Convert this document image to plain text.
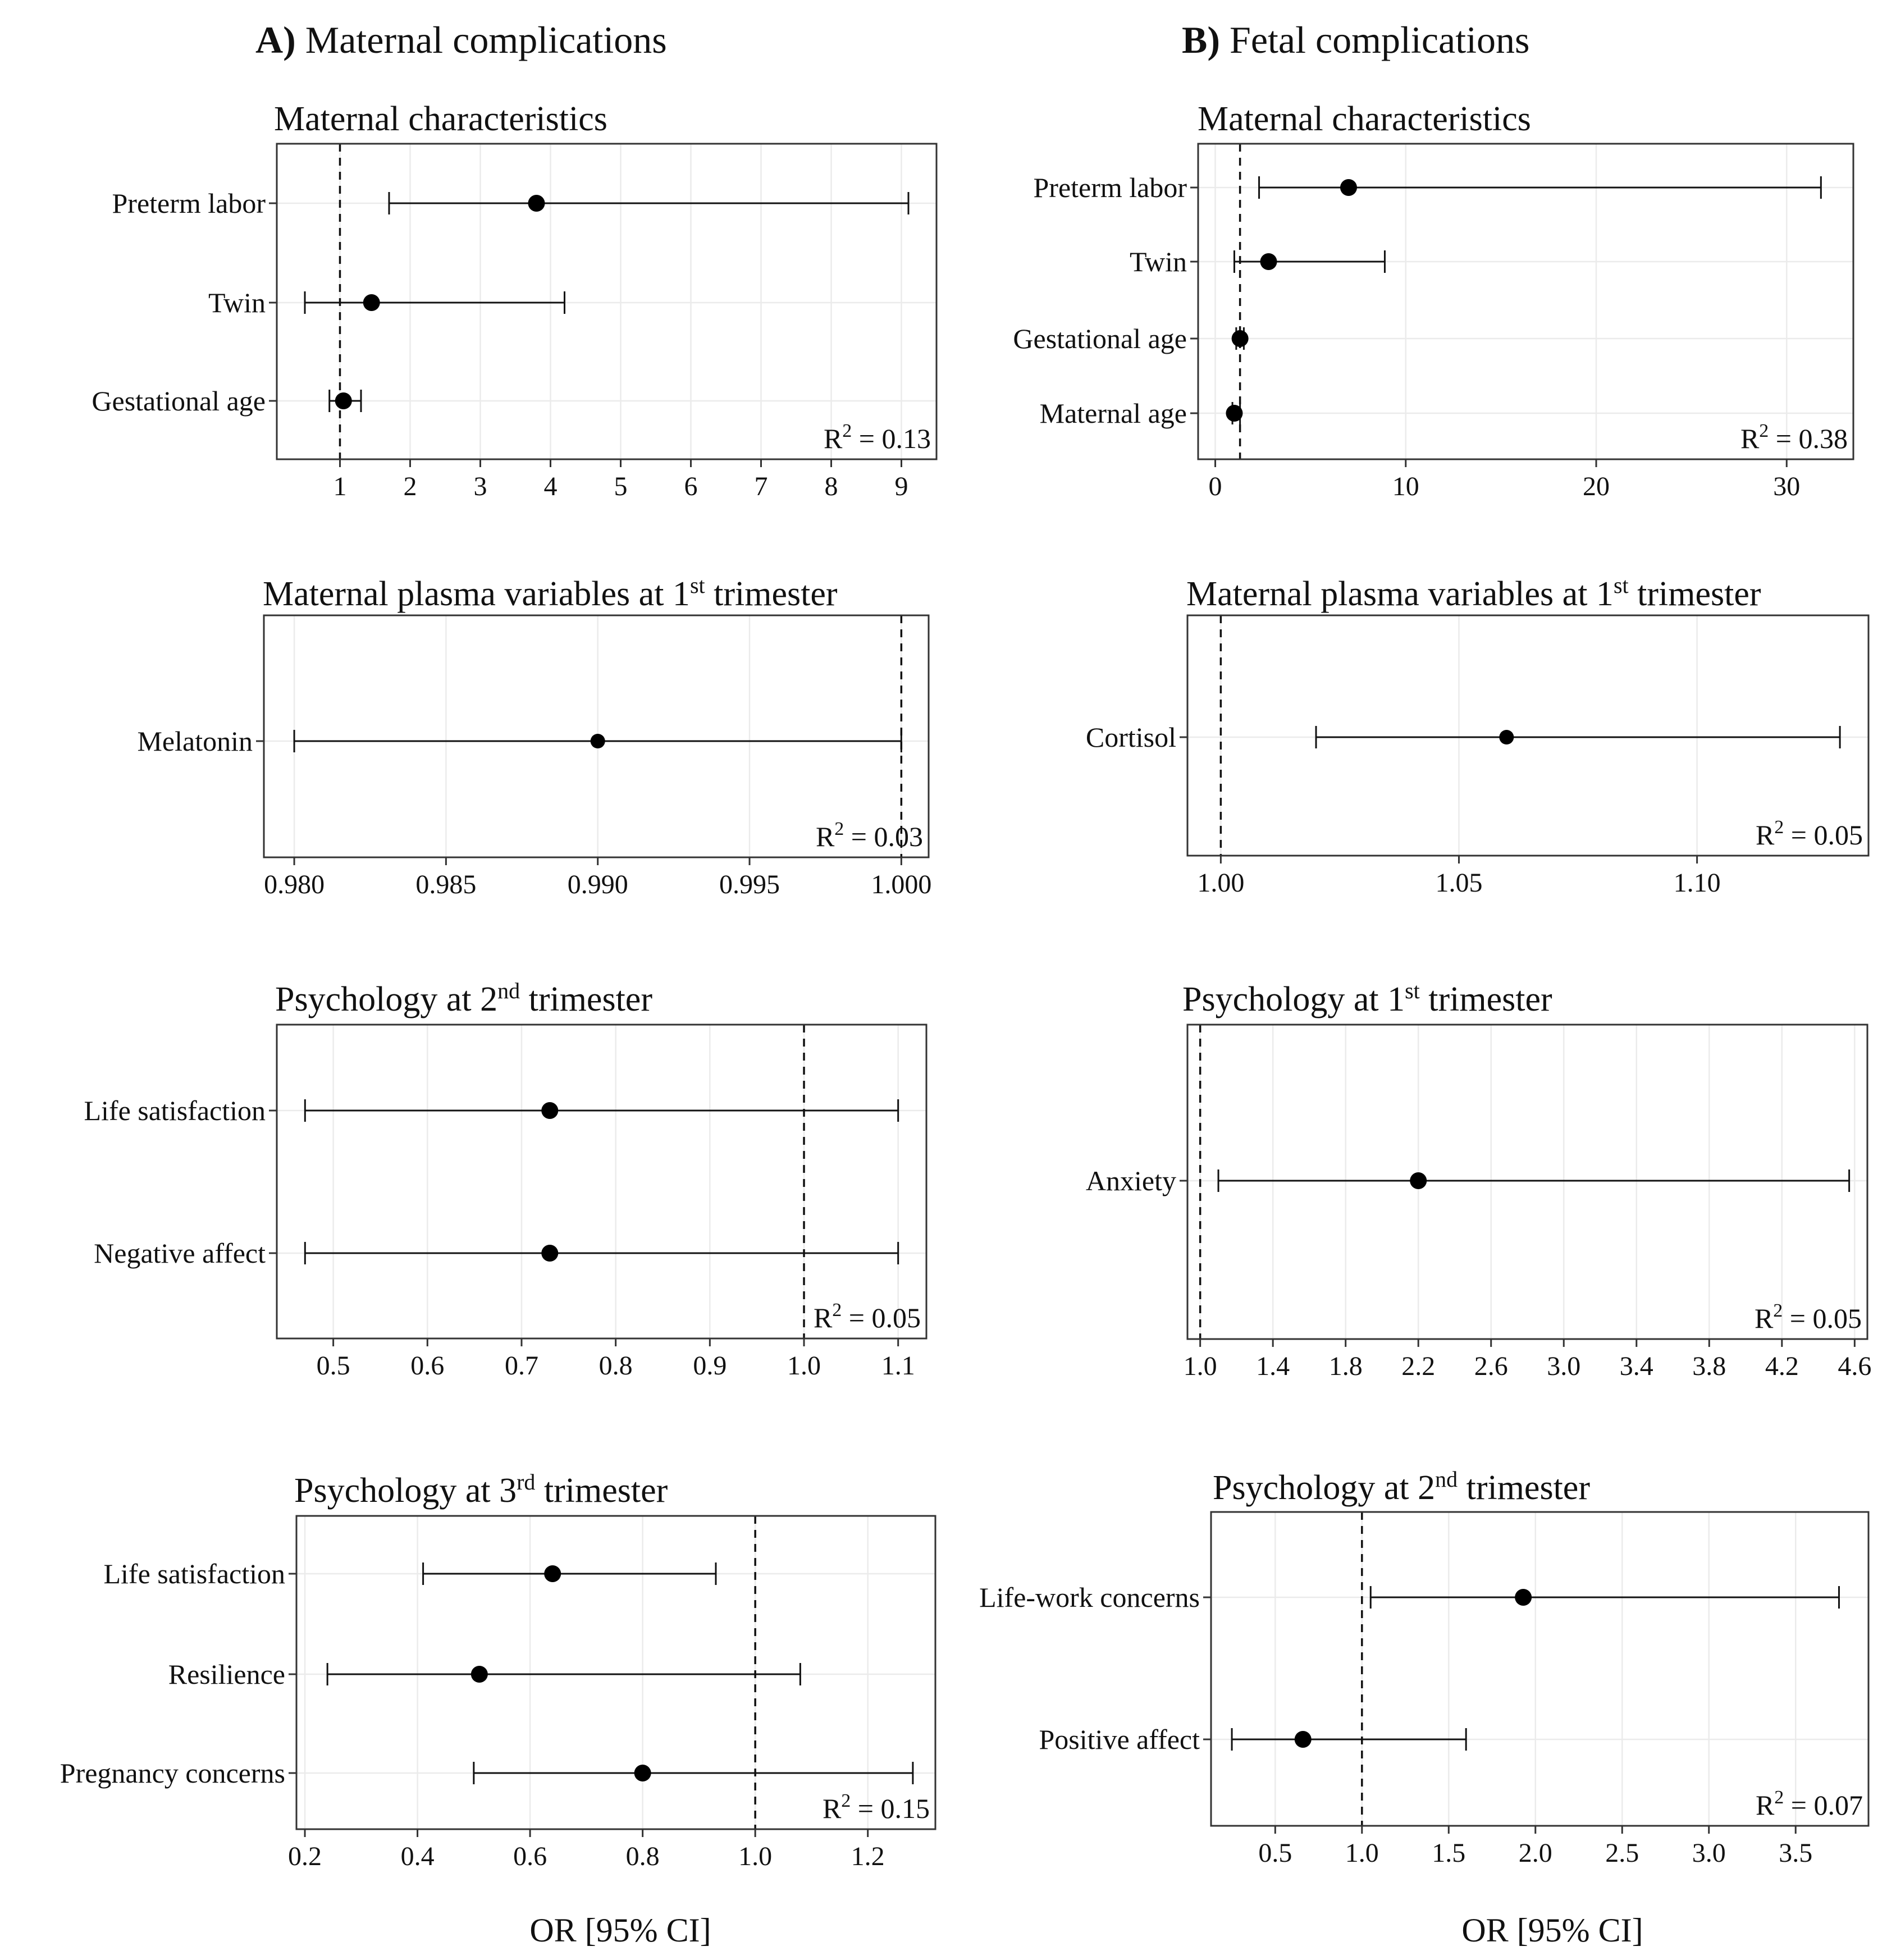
A) Maternal complications	B) Fetal complications
Maternal characteristics
Preterm labor
Twin
Gestational age
1 2 3 4 5 6 7 8 9
$R^2 = 0.13$
Maternal plasma variables at 1st trimester
Melatonin
0.980	0.985	0.990	0.995	1.000
$R^2 = 0.03$
Psychology at 2nd trimester
Life satisfaction
Negative affect
0.5 0.6 0.7 0.8 0.9 1.0 1.1
$R^2 = 0.05$
Psychology at 3rd trimester
Life satisfaction
Resilience
Pregnancy concerns
0.2	0.4	0.6	0.8	1.0	1.2
$R^2 = 0.15$
Maternal characteristics
Preterm labor
Twin
Gestational age
Maternal age
0	10	20	30
$R^2 = 0.38$
Maternal plasma variables at 1st trimester
Cortisol
1.00	1.05	1.10
$R^2 = 0.05$
Psychology at 1st trimester
Anxiety
1.0 1.4 1.8 2.2 2.6 3.0 3.4 3.8 4.2 4.6
$R^2 = 0.05$
Psychology at 2nd trimester
Life-work concerns
Positive affect
0.5 1.0 1.5 2.0 2.5 3.0 3.5
$R^2 = 0.07$
OR [95% CI]	OR [95% CI]
